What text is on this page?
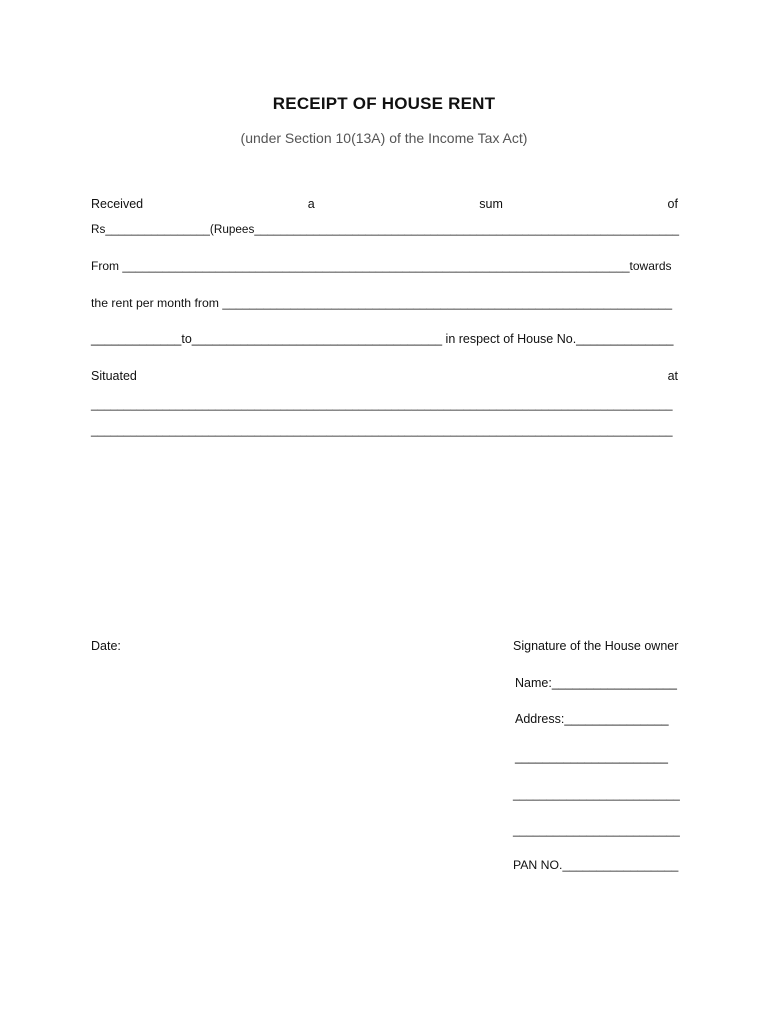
RECEIPT OF HOUSE RENT
(under Section 10(13A) of the Income Tax Act)
Received	a	sum	of
Rs________________(Rupees_________________________________________________________________
From ____________________________________________________________________________towards
the rent per month from __________________________________________________________________
_____________to____________________________________ in respect of House No.______________
Situated	at
_________________________________________________________________________________________
_________________________________________________________________________________________
Date:	Signature of the House owner
Name:__________________
Address:_______________
______________________
_________________________
_________________________
PAN NO._________________
